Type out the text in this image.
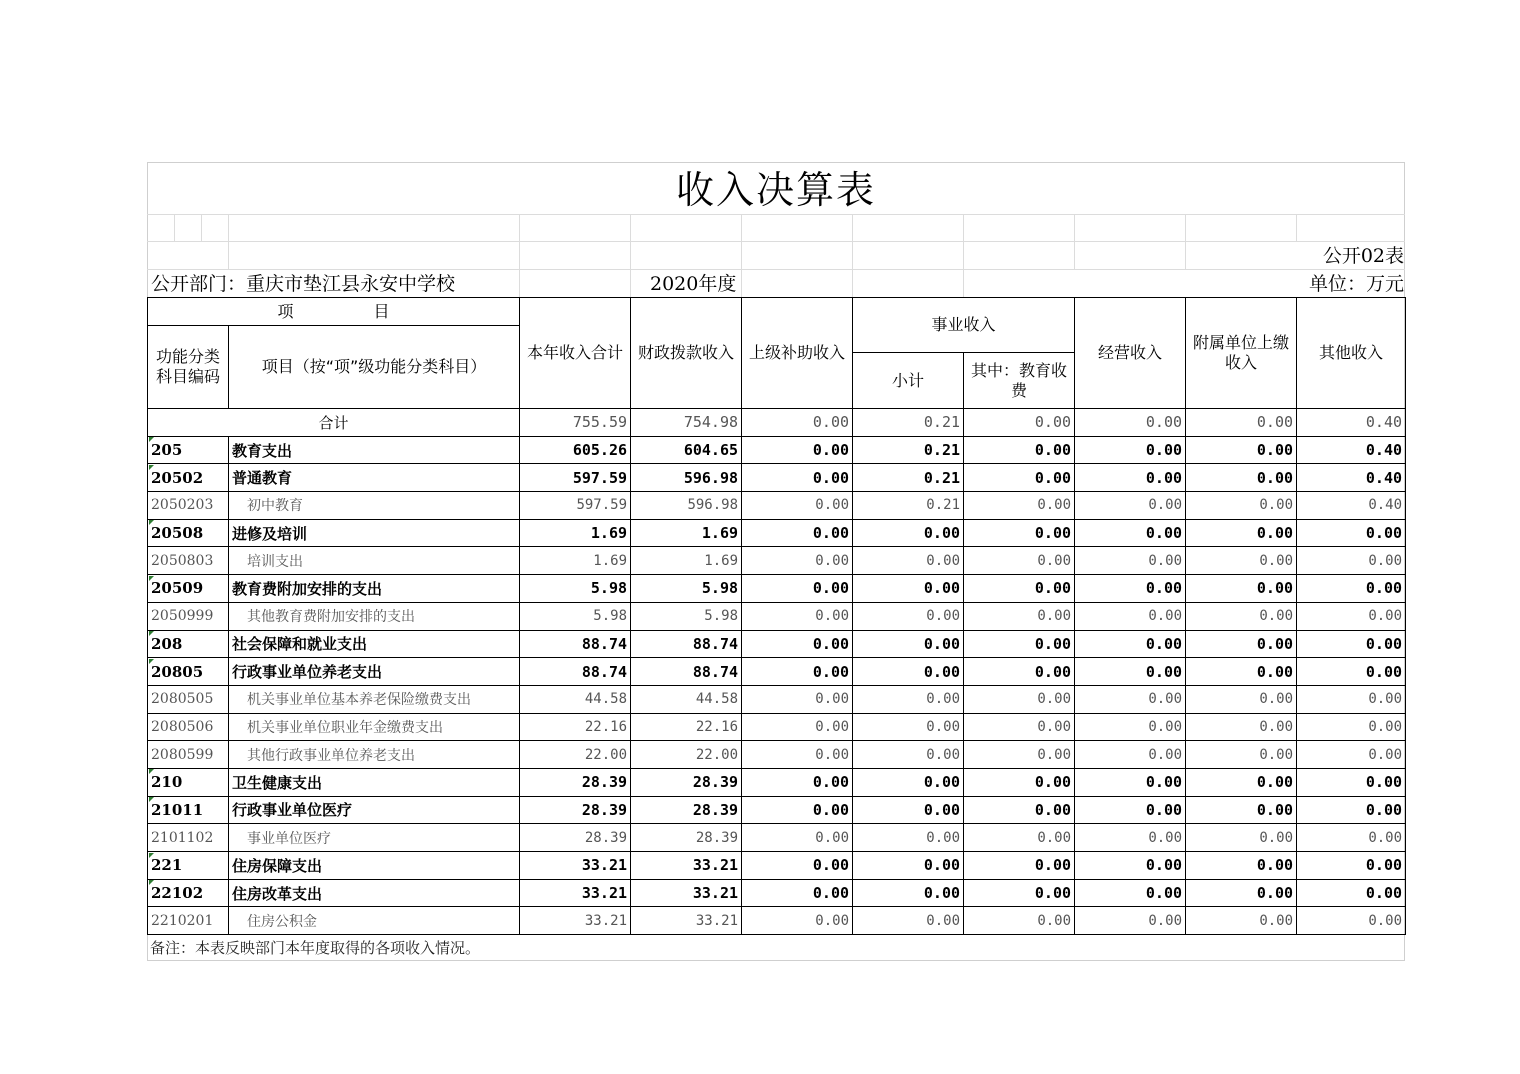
收入决算表
公开02表
公开部门：重庆市垫江县永安中学校	2020年度	单位：万元
项　　　　　目		本年收入合计	财政拨款收入	上级补助收入	事业收入		经营收入	附属单位上缴收入	其他收入
功能分类科目编码	项目（按“项”级功能分类科目）								
					小计	其中：教育收费			
合计		755.59	754.98	0.00	0.21	0.00	0.00	0.00	0.40
205	教育支出	605.26	604.65	0.00	0.21	0.00	0.00	0.00	0.40
20502	普通教育	597.59	596.98	0.00	0.21	0.00	0.00	0.00	0.40
2050203	初中教育	597.59	596.98	0.00	0.21	0.00	0.00	0.00	0.40
20508	进修及培训	1.69	1.69	0.00	0.00	0.00	0.00	0.00	0.00
2050803	培训支出	1.69	1.69	0.00	0.00	0.00	0.00	0.00	0.00
20509	教育费附加安排的支出	5.98	5.98	0.00	0.00	0.00	0.00	0.00	0.00
2050999	其他教育费附加安排的支出	5.98	5.98	0.00	0.00	0.00	0.00	0.00	0.00
208	社会保障和就业支出	88.74	88.74	0.00	0.00	0.00	0.00	0.00	0.00
20805	行政事业单位养老支出	88.74	88.74	0.00	0.00	0.00	0.00	0.00	0.00
2080505	机关事业单位基本养老保险缴费支出	44.58	44.58	0.00	0.00	0.00	0.00	0.00	0.00
2080506	机关事业单位职业年金缴费支出	22.16	22.16	0.00	0.00	0.00	0.00	0.00	0.00
2080599	其他行政事业单位养老支出	22.00	22.00	0.00	0.00	0.00	0.00	0.00	0.00
210	卫生健康支出	28.39	28.39	0.00	0.00	0.00	0.00	0.00	0.00
21011	行政事业单位医疗	28.39	28.39	0.00	0.00	0.00	0.00	0.00	0.00
2101102	事业单位医疗	28.39	28.39	0.00	0.00	0.00	0.00	0.00	0.00
221	住房保障支出	33.21	33.21	0.00	0.00	0.00	0.00	0.00	0.00
22102	住房改革支出	33.21	33.21	0.00	0.00	0.00	0.00	0.00	0.00
2210201	住房公积金	33.21	33.21	0.00	0.00	0.00	0.00	0.00	0.00
备注：本表反映部门本年度取得的各项收入情况。
